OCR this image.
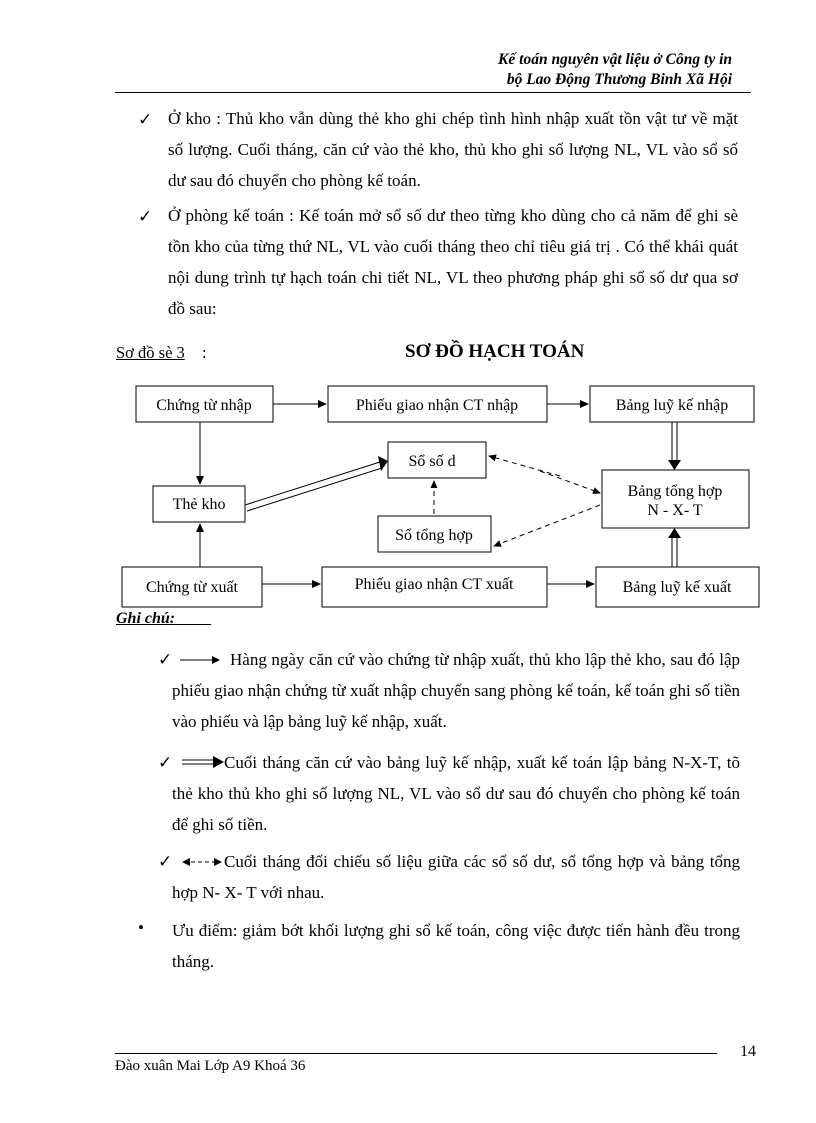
Kế toán nguyên vật liệu ở Công ty in
bộ Lao Động Thương Binh Xã Hội
✓ Ở kho : Thủ kho vẫn dùng thẻ kho ghi chép tình hình nhập xuất tồn vật tư về mặt số lượng. Cuối tháng, căn cứ vào thẻ kho, thủ kho ghi số lượng NL, VL vào sổ số dư sau đó chuyển cho phòng kế toán.
✓ Ở phòng kế toán : Kế toán mở sổ số dư theo từng kho dùng cho cả năm để ghi sè tồn kho của từng thứ NL, VL vào cuối tháng theo chỉ tiêu giá trị . Có thể khái quát nội dung trình tự hạch toán chi tiết NL, VL theo phương pháp ghi sổ số dư qua sơ đồ sau:
Sơ đồ sè 3 :	SƠ ĐỒ HẠCH TOÁN
Chứng từ nhập	Phiếu giao nhận CT nhập	Bảng luỹ kế nhập
Thẻ kho
Sổ số d
Bảng tổng hợp
N - X- T
Sổ tổng hợp
Chứng từ xuất	Phiếu giao nhận CT xuất	Bảng luỹ kế xuất
Ghi chú:
✓	Hàng ngày căn cứ vào chứng từ nhập xuất, thủ kho lập thẻ kho, sau đó lập phiếu giao nhận chứng từ xuất nhập chuyển sang phòng kế toán, kế toán ghi số tiền vào phiếu và lập bảng luỹ kế nhập, xuất.
✓	Cuối tháng căn cứ vào bảng luỹ kế nhập, xuất kế toán lập bảng N-X-T, tõ thẻ kho thủ kho ghi số lượng NL, VL vào sổ dư sau đó chuyển cho phòng kế toán để ghi số tiền.
✓	Cuối tháng đối chiếu số liệu giữa các sổ số dư, sổ tổng hợp và bảng tổng hợp N- X- T với nhau.
• Ưu điểm: giảm bớt khối lượng ghi sổ kế toán, công việc được tiến hành đều trong tháng.
Đào xuân Mai Lớp A9 Khoá 36
14
